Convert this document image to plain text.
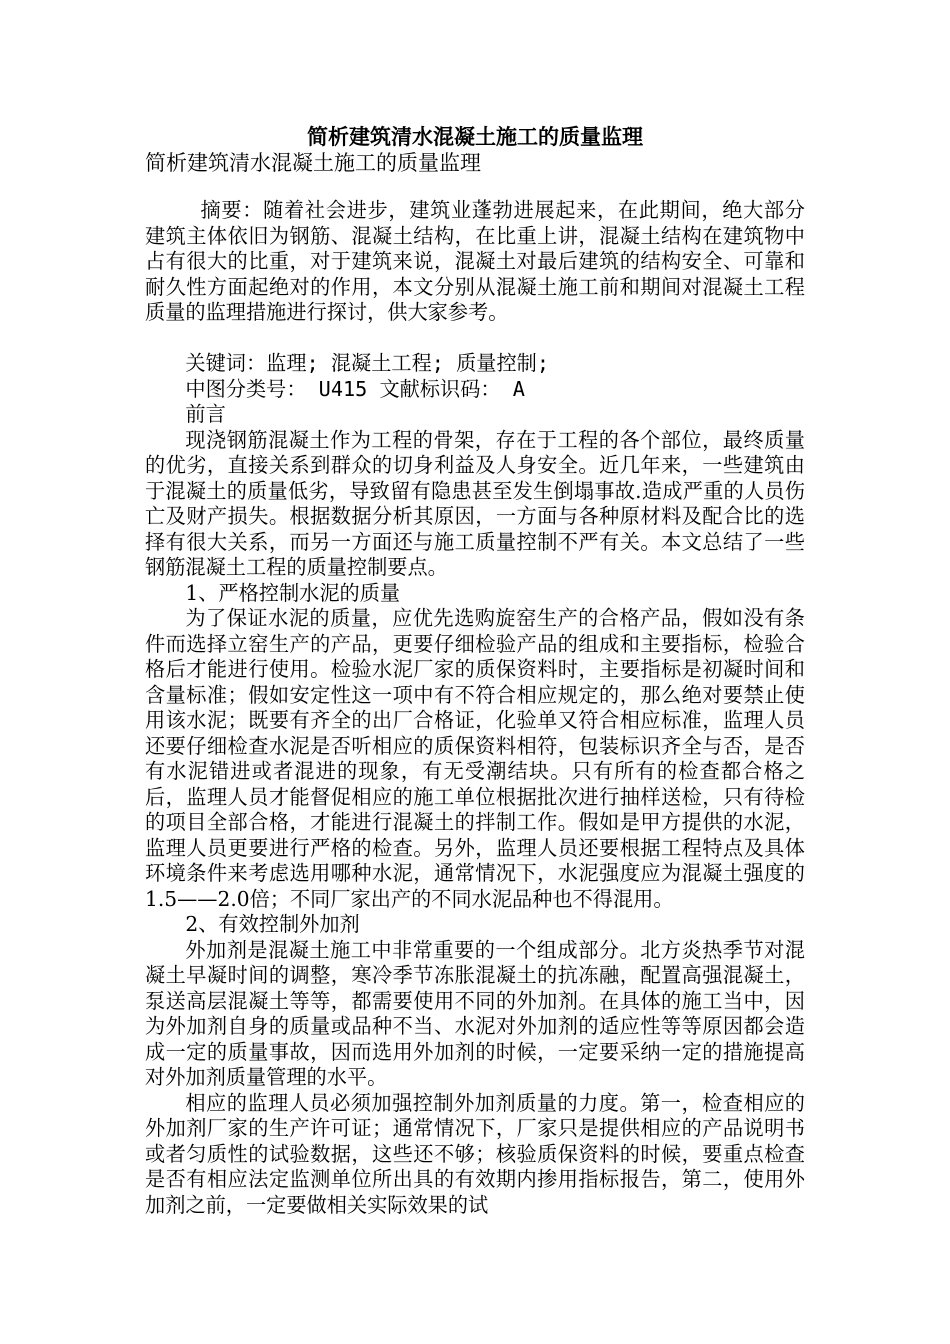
简析建筑清水混凝土施工的质量监理
简析建筑清水混凝土施工的质量监理

摘要：随着社会进步，建筑业蓬勃进展起来，在此期间，绝大部分建筑主体依旧为钢筋、混凝土结构，在比重上讲，混凝土结构在建筑物中占有很大的比重，对于建筑来说，混凝土对最后建筑的结构安全、可靠和耐久性方面起绝对的作用，本文分别从混凝土施工前和期间对混凝土工程质量的监理措施进行探讨，供大家参考。

关键词：监理; 混凝土工程; 质量控制;

中图分类号： U415 文献标识码： A

前言

现浇钢筋混凝土作为工程的骨架，存在于工程的各个部位，最终质量的优劣，直接关系到群众的切身利益及人身安全。近几年来，一些建筑由于混凝土的质量低劣，导致留有隐患甚至发生倒塌事故.造成严重的人员伤亡及财产损失。根据数据分析其原因，一方面与各种原材料及配合比的选择有很大关系，而另一方面还与施工质量控制不严有关。本文总结了一些钢筋混凝土工程的质量控制要点。

1、严格控制水泥的质量

为了保证水泥的质量，应优先选购旋窑生产的合格产品，假如没有条件而选择立窑生产的产品，更要仔细检验产品的组成和主要指标，检验合格后才能进行使用。检验水泥厂家的质保资料时，主要指标是初凝时间和含量标准；假如安定性这一项中有不符合相应规定的，那么绝对要禁止使用该水泥；既要有齐全的出厂合格证，化验单又符合相应标准，监理人员还要仔细检查水泥是否听相应的质保资料相符，包装标识齐全与否，是否有水泥错进或者混进的现象，有无受潮结块。只有所有的检查都合格之后，监理人员才能督促相应的施工单位根据批次进行抽样送检，只有待检的项目全部合格，才能进行混凝土的拌制工作。假如是甲方提供的水泥，监理人员更要进行严格的检查。另外，监理人员还要根据工程特点及具体环境条件来考虑选用哪种水泥，通常情况下，水泥强度应为混凝土强度的1.5——2.0倍；不同厂家出产的不同水泥品种也不得混用。

2、有效控制外加剂

外加剂是混凝土施工中非常重要的一个组成部分。北方炎热季节对混凝土早凝时间的调整，寒冷季节冻胀混凝土的抗冻融，配置高强混凝土，泵送高层混凝土等等，都需要使用不同的外加剂。在具体的施工当中，因为外加剂自身的质量或品种不当、水泥对外加剂的适应性等等原因都会造成一定的质量事故，因而选用外加剂的时候，一定要采纳一定的措施提高对外加剂质量管理的水平。

相应的监理人员必须加强控制外加剂质量的力度。第一，检查相应的外加剂厂家的生产许可证；通常情况下，厂家只是提供相应的产品说明书或者匀质性的试验数据，这些还不够；核验质保资料的时候，要重点检查是否有相应法定监测单位所出具的有效期内掺用指标报告，第二，使用外加剂之前，一定要做相关实际效果的试
